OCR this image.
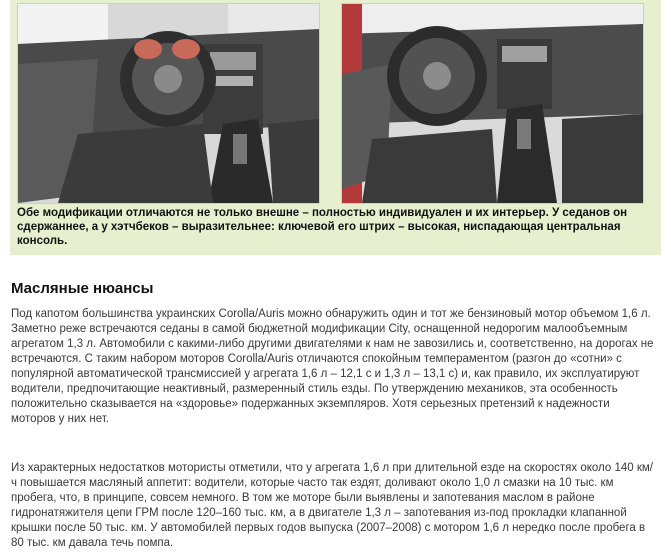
Обе модификации отличаются не только внешне – полностью индивидуален и их интерьер. У седанов он сдержаннее, а у хэтчбеков – выразительнее: ключевой его штрих – высокая, ниспадающая центральная консоль.

Масляные нюансы

Под капотом большинства украинских Corolla/Auris можно обнаружить один и тот же бензиновый мотор объемом 1,6 л. Заметно реже встречаются седаны в самой бюджетной модификации City, оснащенной недорогим малообъемным агрегатом 1,3 л. Автомобили с какими-либо другими двигателями к нам не завозились и, соответственно, на дорогах не встречаются. С таким набором моторов Corolla/Auris отличаются спокойным темпераментом (разгон до «сотни» с популярной автоматической трансмиссией у агрегата 1,6 л – 12,1 с и 1,3 л – 13,1 с) и, как правило, их эксплуатируют водители, предпочитающие неактивный, размеренный стиль езды. По утверждению механиков, эта особенность положительно сказывается на «здоровье» подержанных экземпляров. Хотя серьезных претензий к надежности моторов у них нет.

Из характерных недостатков мотористы отметили, что у агрегата 1,6 л при длительной езде на скоростях около 140 км/ч повышается масляный аппетит: водители, которые часто так ездят, доливают около 1,0 л смазки на 10 тыс. км пробега, что, в принципе, совсем немного. В том же моторе были выявлены и запотевания маслом в районе гидронатяжителя цепи ГРМ после 120–160 тыс. км, а в двигателе 1,3 л – запотевания из-под прокладки клапанной крышки после 50 тыс. км. У автомобилей первых годов выпуска (2007–2008) с мотором 1,6 л нередко после пробега в 80 тыс. км давала течь помпа.
